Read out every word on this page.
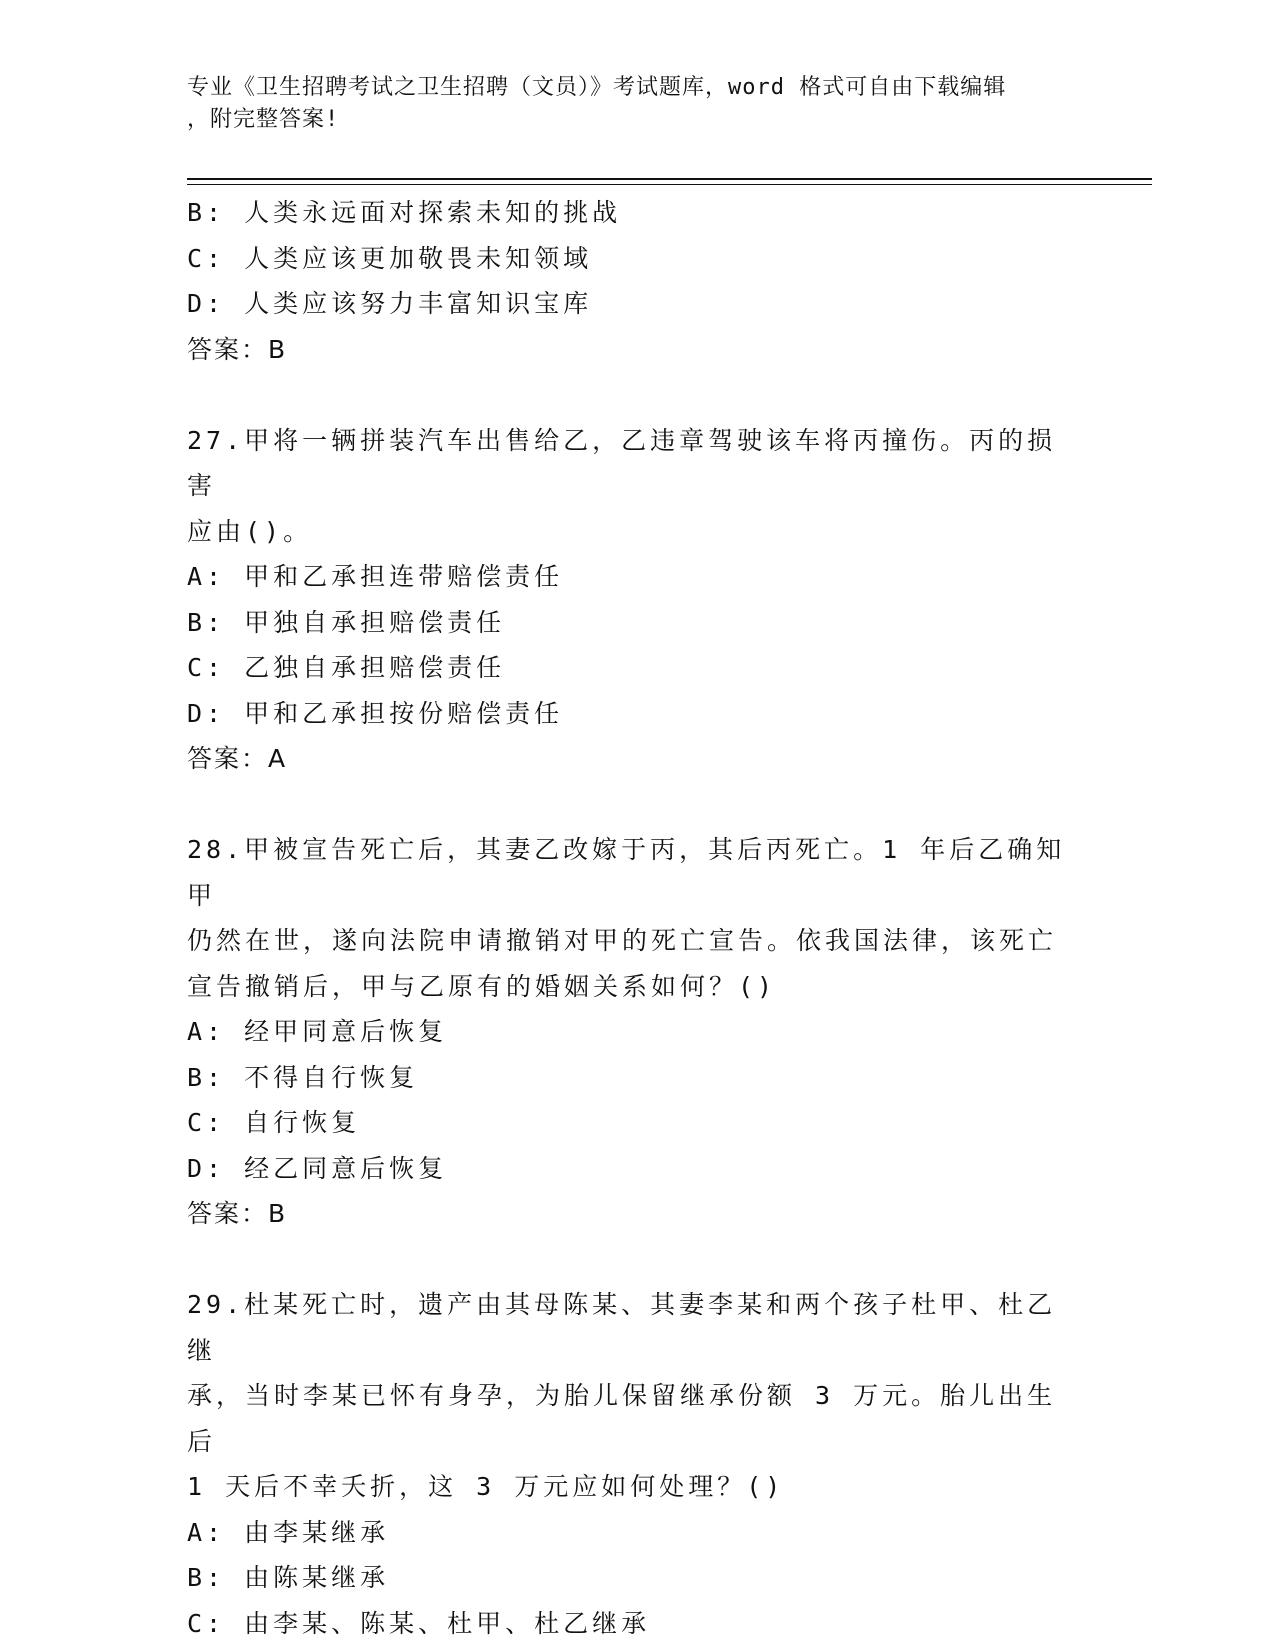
专业《卫生招聘考试之卫生招聘（文员）》考试题库，word 格式可自由下载编辑
，附完整答案!
B: 人类永远面对探索未知的挑战
C: 人类应该更加敬畏未知领域
D: 人类应该努力丰富知识宝库
答案：B
27.甲将一辆拼装汽车出售给乙，乙违章驾驶该车将丙撞伤。丙的损害
应由()。
A: 甲和乙承担连带赔偿责任
B: 甲独自承担赔偿责任
C: 乙独自承担赔偿责任
D: 甲和乙承担按份赔偿责任
答案：A
28.甲被宣告死亡后，其妻乙改嫁于丙，其后丙死亡。1 年后乙确知甲
仍然在世，遂向法院申请撤销对甲的死亡宣告。依我国法律，该死亡
宣告撤销后，甲与乙原有的婚姻关系如何？()
A: 经甲同意后恢复
B: 不得自行恢复
C: 自行恢复
D: 经乙同意后恢复
答案：B
29.杜某死亡时，遗产由其母陈某、其妻李某和两个孩子杜甲、杜乙继
承，当时李某已怀有身孕，为胎儿保留继承份额 3 万元。胎儿出生后
1 天后不幸夭折，这 3 万元应如何处理？()
A: 由李某继承
B: 由陈某继承
C: 由李某、陈某、杜甲、杜乙继承
